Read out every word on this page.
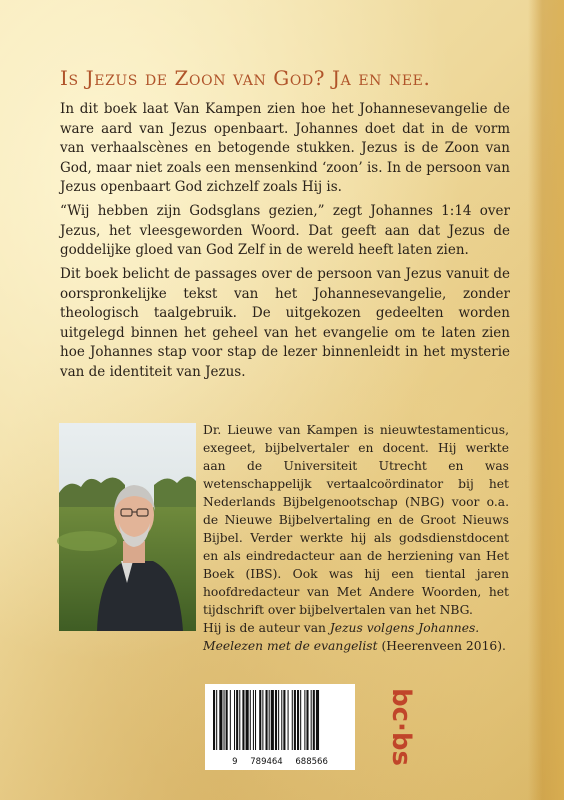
Is Jezus de Zoon van God? Ja en nee.

In dit boek laat Van Kampen zien hoe het Johannesevangelie de ware aard van Jezus openbaart. Johannes doet dat in de vorm van verhaalscènes en betogende stukken. Jezus is de Zoon van God, maar niet zoals een mensenkind ‘zoon’ is. In de persoon van Jezus openbaart God zichzelf zoals Hij is.

“Wij hebben zijn Godsglans gezien,” zegt Johannes 1:14 over Jezus, het vleesgeworden Woord. Dat geeft aan dat Jezus de goddelijke gloed van God Zelf in de wereld heeft laten zien.

Dit boek belicht de passages over de persoon van Jezus vanuit de oorspronkelijke tekst van het Johannesevangelie, zonder theologisch taalgebruik. De uitgekozen gedeelten worden uitgelegd binnen het geheel van het evangelie om te laten zien hoe Johannes stap voor stap de lezer binnenleidt in het mysterie van de identiteit van Jezus.

Dr. Lieuwe van Kampen is nieuwtestamenticus, exegeet, bijbelvertaler en docent. Hij werkte aan de Universiteit Utrecht en was wetenschappelijk vertaalcoördinator bij het Nederlands Bijbelgenootschap (NBG) voor o.a. de Nieuwe Bijbelvertaling en de Groot Nieuws Bijbel. Verder werkte hij als godsdienstdocent en als eindredacteur aan de herziening van Het Boek (IBS). Ook was hij een tiental jaren hoofdredacteur van Met Andere Woorden, het tijdschrift over bijbelvertalen van het NBG.

Hij is de auteur van Jezus volgens Johannes. Meelezen met de evangelist (Heerenveen 2016).

9 789464 688566	bc·bs
